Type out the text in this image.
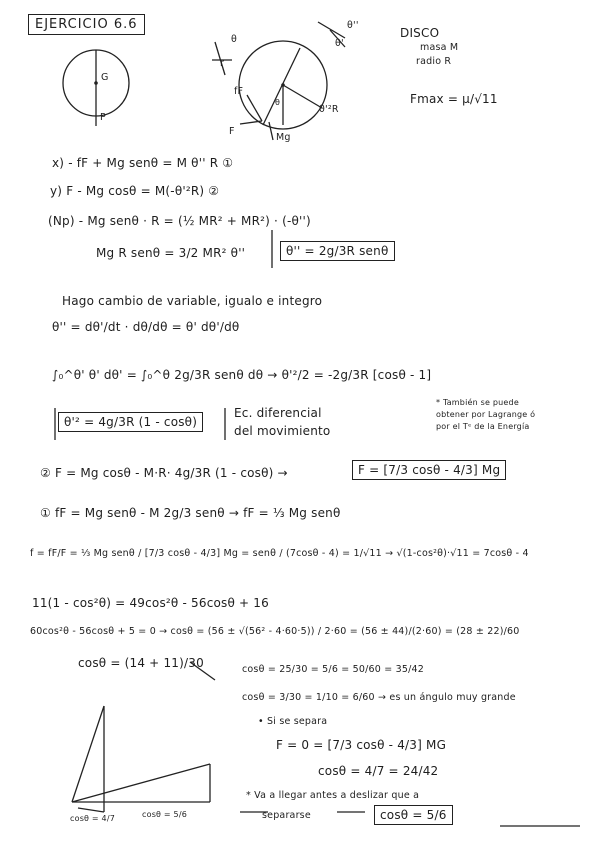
EJERCICIO 6.6
G
P
θ
r
θ''
θ'
θ
fF
F
Mg
θ'²R
DISCO
masa M
radio R
Fmax = μ/√11
x) - fF + Mg senθ = M θ'' R ①
y) F - Mg cosθ = M(-θ'²R) ②
(Np) - Mg senθ · R = (½ MR² + MR²) · (-θ'')
Mg R senθ = 3/2 MR² θ''	θ'' = 2g/3R senθ
Hago cambio de variable, igualo e integro
θ'' = dθ'/dt · dθ/dθ = θ' dθ'/dθ
∫₀^θ' θ' dθ' = ∫₀^θ 2g/3R senθ dθ → θ'²/2 = -2g/3R [cosθ - 1]
θ'² = 4g/3R (1 - cosθ)
Ec. diferencial
del movimiento
* También se puede
obtener por Lagrange ó
por el Tᵉ de la Energía
② F = Mg cosθ - M·R· 4g/3R (1 - cosθ) →	F = [7/3 cosθ - 4/3] Mg
① fF = Mg senθ - M 2g/3 senθ → fF = ⅓ Mg senθ
f = fF/F = ⅓ Mg senθ / [7/3 cosθ - 4/3] Mg = senθ / (7cosθ - 4) = 1/√11 → √(1-cos²θ)·√11 = 7cosθ - 4
11(1 - cos²θ) = 49cos²θ - 56cosθ + 16
60cos²θ - 56cosθ + 5 = 0 → cosθ = (56 ± √(56² - 4·60·5)) / 2·60 = (56 ± 44)/(2·60) = (28 ± 22)/60
cosθ = (14 + 11)/30	cosθ = 25/30 = 5/6 = 50/60 = 35/42
cosθ = 3/30 = 1/10 = 6/60 → es un ángulo muy grande
• Si se separa
F = 0 = [7/3 cosθ - 4/3] MG
cosθ = 4/7 = 24/42
* Va a llegar antes a deslizar que a
separarse	cosθ = 5/6
cosθ = 4/7	cosθ = 5/6
